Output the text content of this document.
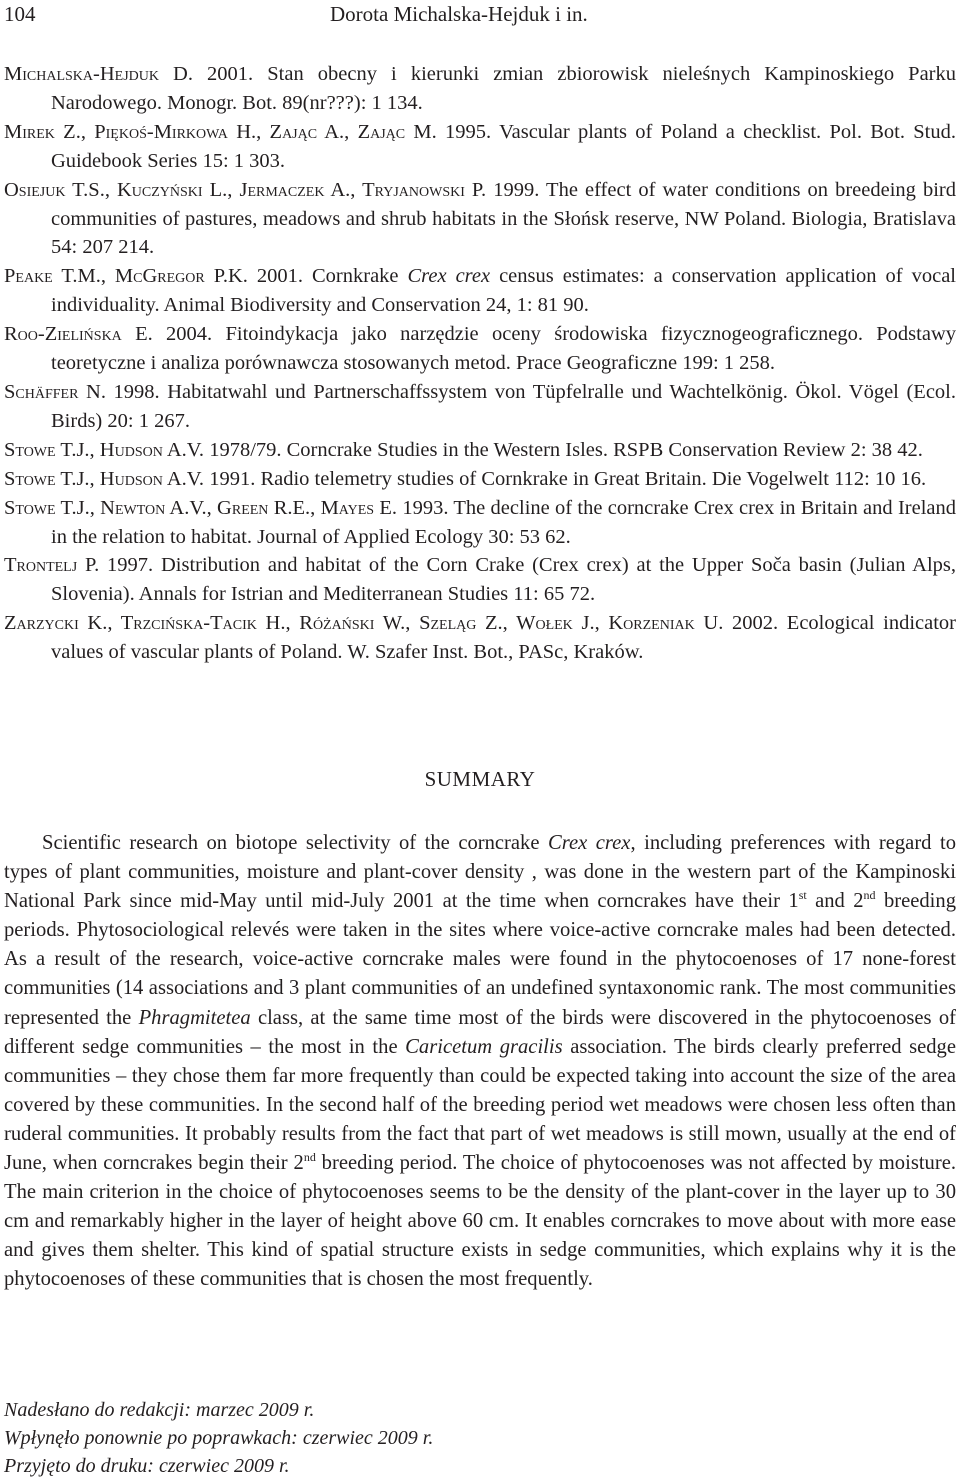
104	Dorota Michalska-Hejduk i in.
Michalska-Hejduk D. 2001. Stan obecny i kierunki zmian zbiorowisk nieleśnych Kampinoskiego Parku Narodowego. Monogr. Bot. 89(nr???): 1 134.
Mirek Z., Piękoś-Mirkowa H., Zając A., Zając M. 1995. Vascular plants of Poland a checklist. Pol. Bot. Stud. Guidebook Series 15: 1 303.
Osiejuk T.S., Kuczyński L., Jermaczek A., Tryjanowski P. 1999. The effect of water conditions on breedeing bird communities of pastures, meadows and shrub habitats in the Słońsk reserve, NW Poland. Biologia, Bratislava 54: 207 214.
Peake T.M., McGregor P.K. 2001. Cornkrake Crex crex census estimates: a conservation application of vocal individuality. Animal Biodiversity and Conservation 24, 1: 81 90.
Roo-Zielińska E. 2004. Fitoindykacja jako narzędzie oceny środowiska fizycznogeograficznego. Podstawy teoretyczne i analiza porównawcza stosowanych metod. Prace Geograficzne 199: 1 258.
Schäffer N. 1998. Habitatwahl und Partnerschaffssystem von Tüpfelralle und Wachtelkönig. Ökol. Vögel (Ecol. Birds) 20: 1 267.
Stowe T.J., Hudson A.V. 1978/79. Corncrake Studies in the Western Isles. RSPB Conservation Review 2: 38 42.
Stowe T.J., Hudson A.V. 1991. Radio telemetry studies of Cornkrake in Great Britain. Die Vogelwelt 112: 10 16.
Stowe T.J., Newton A.V., Green R.E., Mayes E. 1993. The decline of the corncrake Crex crex in Britain and Ireland in the relation to habitat. Journal of Applied Ecology 30: 53 62.
Trontelj P. 1997. Distribution and habitat of the Corn Crake (Crex crex) at the Upper Soča basin (Julian Alps, Slovenia). Annals for Istrian and Mediterranean Studies 11: 65 72.
Zarzycki K., Trzcińska-Tacik H., Różański W., Szeląg Z., Wołek J., Korzeniak U. 2002. Ecological indicator values of vascular plants of Poland. W. Szafer Inst. Bot., PASc, Kraków.
SUMMARY
Scientific research on biotope selectivity of the corncrake Crex crex, including preferences with regard to types of plant communities, moisture and plant-cover density , was done in the western part of the Kampinoski National Park since mid-May until mid-July 2001 at the time when corncrakes have their 1st and 2nd breeding periods. Phytosociological relevés were taken in the sites where voice-active corncrake males had been detected. As a result of the research, voice-active corncrake males were found in the phytocoenoses of 17 none-forest communities (14 associations and 3 plant communities of an undefined syntaxonomic rank. The most communities represented the Phragmitetea class, at the same time most of the birds were discovered in the phytocoenoses of different sedge communities – the most in the Caricetum gracilis association. The birds clearly preferred sedge communities – they chose them far more frequently than could be expected taking into account the size of the area covered by these communities. In the second half of the breeding period wet meadows were chosen less often than ruderal communities. It probably results from the fact that part of wet meadows is still mown, usually at the end of June, when corncrakes begin their 2nd breeding period. The choice of phytocoenoses was not affected by moisture. The main criterion in the choice of phytocoenoses seems to be the density of the plant-cover in the layer up to 30 cm and remarkably higher in the layer of height above 60 cm. It enables corncrakes to move about with more ease and gives them shelter. This kind of spatial structure exists in sedge communities, which explains why it is the phytocoenoses of these communities that is chosen the most frequently.
Nadesłano do redakcji: marzec 2009 r.
Wpłynęło ponownie po poprawkach: czerwiec 2009 r.
Przyjęto do druku: czerwiec 2009 r.
